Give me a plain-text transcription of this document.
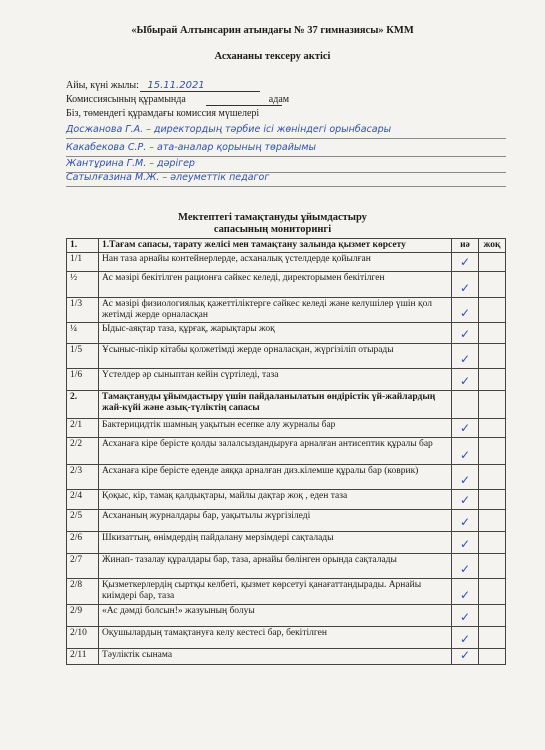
«Ыбырай Алтынсарин атындағы № 37 гимназиясы» КММ
Асхананы тексеру актісі
Айы, күні жылы: 15.11.2021
Комиссиясының құрамында	адам
Біз, төмендегі құрамдағы комиссия мүшелері
Досжанова Г.А. – директордың тәрбие ісі жөніндегі орынбасары
Какабекова С.Р. – ата-аналар қорының төрайымы
Жантұрина Г.М. – дәрігер
Сатылғазина М.Ж. – әлеуметтік педагог
Мектептегі тамақтануды ұйымдастыру
сапасының мониторингі
1.	1.Тағам сапасы, тарату желісі мен тамақтану залында қызмет көрсету	иә	жоқ
1/1	Нан таза арнайы контейнерлерде, асханалық үстелдерде қойылған	✓	
½	Ас мәзірі бекітілген рационға сәйкес келеді, директорымен бекітілген	✓	
1/3	Ас мәзірі физиологиялық қажеттіліктерге сәйкес келеді және келушілер үшін қол жетімді жерде орналасқан	✓	
¼	Ыдыс-аяқтар таза, құрғақ, жарықтары жоқ	✓	
1/5	Ұсыныс-пікір кітабы қолжетімді жерде орналасқан, жүргізіліп отырады	✓	
1/6	Үстелдер әр сыныптан кейін сүртіледі, таза	✓	
2.	Тамақтануды ұйымдастыру үшін пайдаланылатын өндірістік үй-жайлардың жай-күйі және азық-түліктің сапасы		
2/1	Бактерицидтік шамның уақытын есепке алу журналы бар	✓	
2/2	Асханаға кіре берісте қолды залалсыздандыруға арналған антисептик құралы бар	✓	
2/3	Асханаға кіре берісте еденде аяққа арналған диз.кілемше құралы бар (коврик)	✓	
2/4	Қоқыс, кір, тамақ қалдықтары, майлы дақтар жоқ , еден таза	✓	
2/5	Асхананың журналдары бар, уақытылы жүргізіледі	✓	
2/6	Шкизаттың, өнімдердің пайдалану мерзімдері сақталады	✓	
2/7	Жинап- тазалау құралдары бар, таза, арнайы бөлінген орында сақталады	✓	
2/8	Қызметкерлердің сыртқы келбеті, қызмет көрсетуі қанағаттандырады. Арнайы киімдері бар, таза	✓	
2/9	«Ас дәмді болсын!» жазуының болуы	✓	
2/10	Оқушылардың тамақтануға келу кестесі бар, бекітілген	✓	
2/11	Тәуліктік сынама	✓	
